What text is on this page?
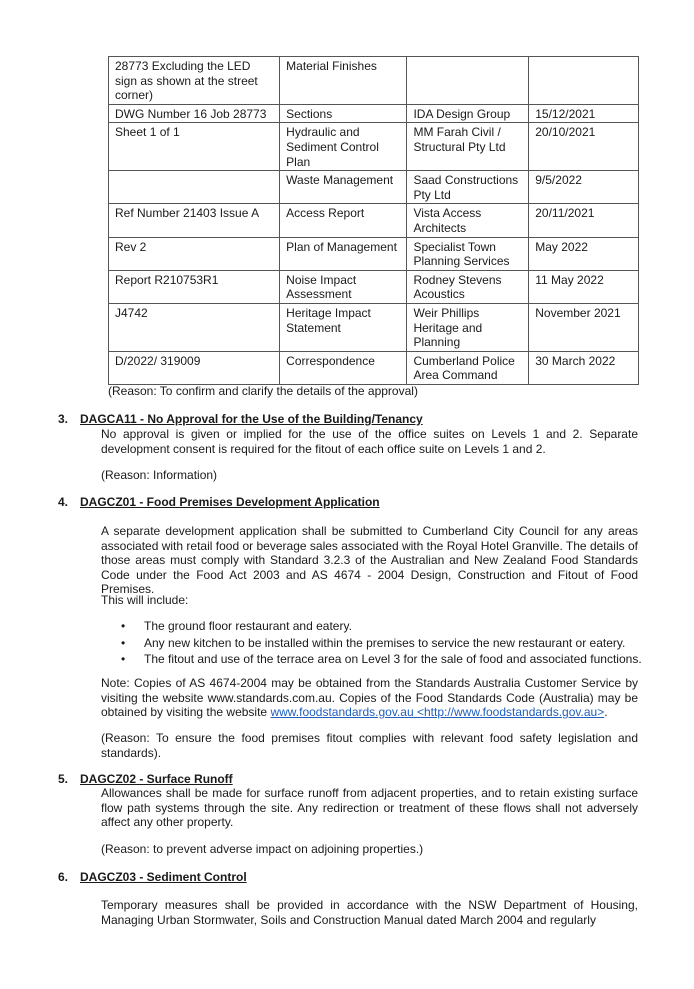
28773 Excluding the LED sign as shown at the street corner)	Material Finishes		
DWG Number 16 Job 28773	Sections	IDA Design Group	15/12/2021
Sheet 1 of 1	Hydraulic and Sediment Control Plan	MM Farah Civil / Structural Pty Ltd	20/10/2021
	Waste Management	Saad Constructions Pty Ltd	9/5/2022
Ref Number 21403 Issue A	Access Report	Vista Access Architects	20/11/2021
Rev 2	Plan of Management	Specialist Town Planning Services	May 2022
Report R210753R1	Noise Impact Assessment	Rodney Stevens Acoustics	11 May 2022
J4742	Heritage Impact Statement	Weir Phillips Heritage and Planning	November 2021
D/2022/ 319009	Correspondence	Cumberland Police Area Command	30 March 2022
(Reason: To confirm and clarify the details of the approval)
3. DAGCA11 - No Approval for the Use of the Building/Tenancy
No approval is given or implied for the use of the office suites on Levels 1 and 2. Separate development consent is required for the fitout of each office suite on Levels 1 and 2.
(Reason: Information)
4. DAGCZ01 - Food Premises Development Application
A separate development application shall be submitted to Cumberland City Council for any areas associated with retail food or beverage sales associated with the Royal Hotel Granville. The details of those areas must comply with Standard 3.2.3 of the Australian and New Zealand Food Standards Code under the Food Act 2003 and AS 4674 - 2004 Design, Construction and Fitout of Food Premises.
This will include:
• The ground floor restaurant and eatery.
• Any new kitchen to be installed within the premises to service the new restaurant or eatery.
• The fitout and use of the terrace area on Level 3 for the sale of food and associated functions.
Note: Copies of AS 4674-2004 may be obtained from the Standards Australia Customer Service by visiting the website www.standards.com.au. Copies of the Food Standards Code (Australia) may be obtained by visiting the website www.foodstandards.gov.au <http://www.foodstandards.gov.au>.
(Reason: To ensure the food premises fitout complies with relevant food safety legislation and standards).
5. DAGCZ02 - Surface Runoff
Allowances shall be made for surface runoff from adjacent properties, and to retain existing surface flow path systems through the site. Any redirection or treatment of these flows shall not adversely affect any other property.
(Reason: to prevent adverse impact on adjoining properties.)
6. DAGCZ03 - Sediment Control
Temporary measures shall be provided in accordance with the NSW Department of Housing, Managing Urban Stormwater, Soils and Construction Manual dated March 2004 and regularly
